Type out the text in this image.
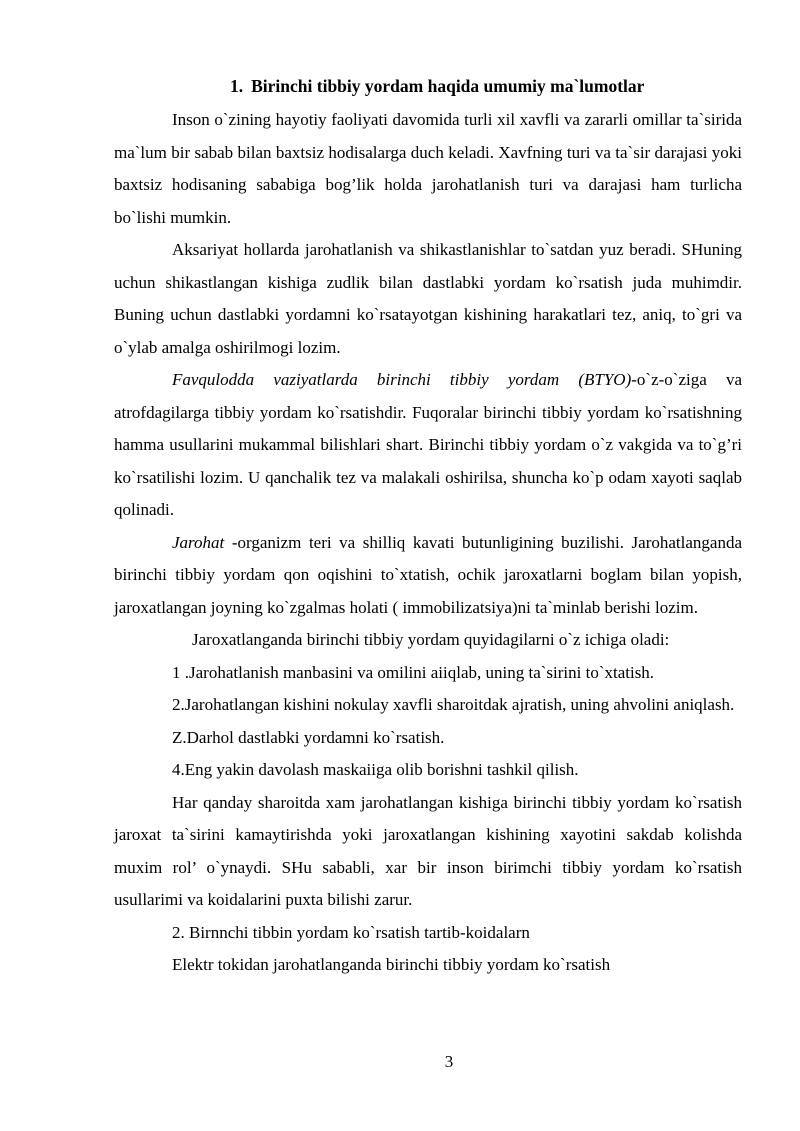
1. Birinchi tibbiy yordam haqida umumiy ma`lumotlar

Inson o`zining hayotiy faoliyati davomida turli xil xavfli va zararli omillar ta`sirida ma`lum bir sabab bilan baxtsiz hodisalarga duch keladi. Xavfning turi va ta`sir darajasi yoki baxtsiz hodisaning sababiga bog’lik holda jarohatlanish turi va darajasi ham turlicha bo`lishi mumkin.

Aksariyat hollarda jarohatlanish va shikastlanishlar to`satdan yuz beradi. SHuning uchun shikastlangan kishiga zudlik bilan dastlabki yordam ko`rsatish juda muhimdir. Buning uchun dastlabki yordamni ko`rsatayotgan kishining harakatlari tez, aniq, to`gri va o`ylab amalga oshirilmogi lozim.

Favqulodda vaziyatlarda birinchi tibbiy yordam (BTYO)-o`z-o`ziga va atrofdagilarga tibbiy yordam ko`rsatishdir. Fuqoralar birinchi tibbiy yordam ko`rsatishning hamma usullarini mukammal bilishlari shart. Birinchi tibbiy yordam o`z vakgida va to`g’ri ko`rsatilishi lozim. U qanchalik tez va malakali oshirilsa, shuncha ko`p odam xayoti saqlab qolinadi.

Jarohat -organizm teri va shilliq kavati butunligining buzilishi. Jarohatlanganda birinchi tibbiy yordam qon oqishini to`xtatish, ochik jaroxatlarni boglam bilan yopish, jaroxatlangan joyning ko`zgalmas holati ( immobilizatsiya)ni ta`minlab berishi lozim.

Jaroxatlanganda birinchi tibbiy yordam quyidagilarni o`z ichiga oladi:

1 .Jarohatlanish manbasini va omilini aiiqlab, uning ta`sirini to`xtatish.

2.Jarohatlangan kishini nokulay xavfli sharoitdak ajratish, uning ahvolini aniqlash.

Z.Darhol dastlabki yordamni ko`rsatish.

4.Eng yakin davolash maskaiiga olib borishni tashkil qilish.

Har qanday sharoitda xam jarohatlangan kishiga birinchi tibbiy yordam ko`rsatish jaroxat ta`sirini kamaytirishda yoki jaroxatlangan kishining xayotini sakdab kolishda muxim rol’ o`ynaydi. SHu sababli, xar bir inson birimchi tibbiy yordam ko`rsatish usullarimi va koidalarini puxta bilishi zarur.

2. Birnnchi tibbin yordam ko`rsatish tartib-koidalarn

Elektr tokidan jarohatlanganda birinchi tibbiy yordam ko`rsatish

3
